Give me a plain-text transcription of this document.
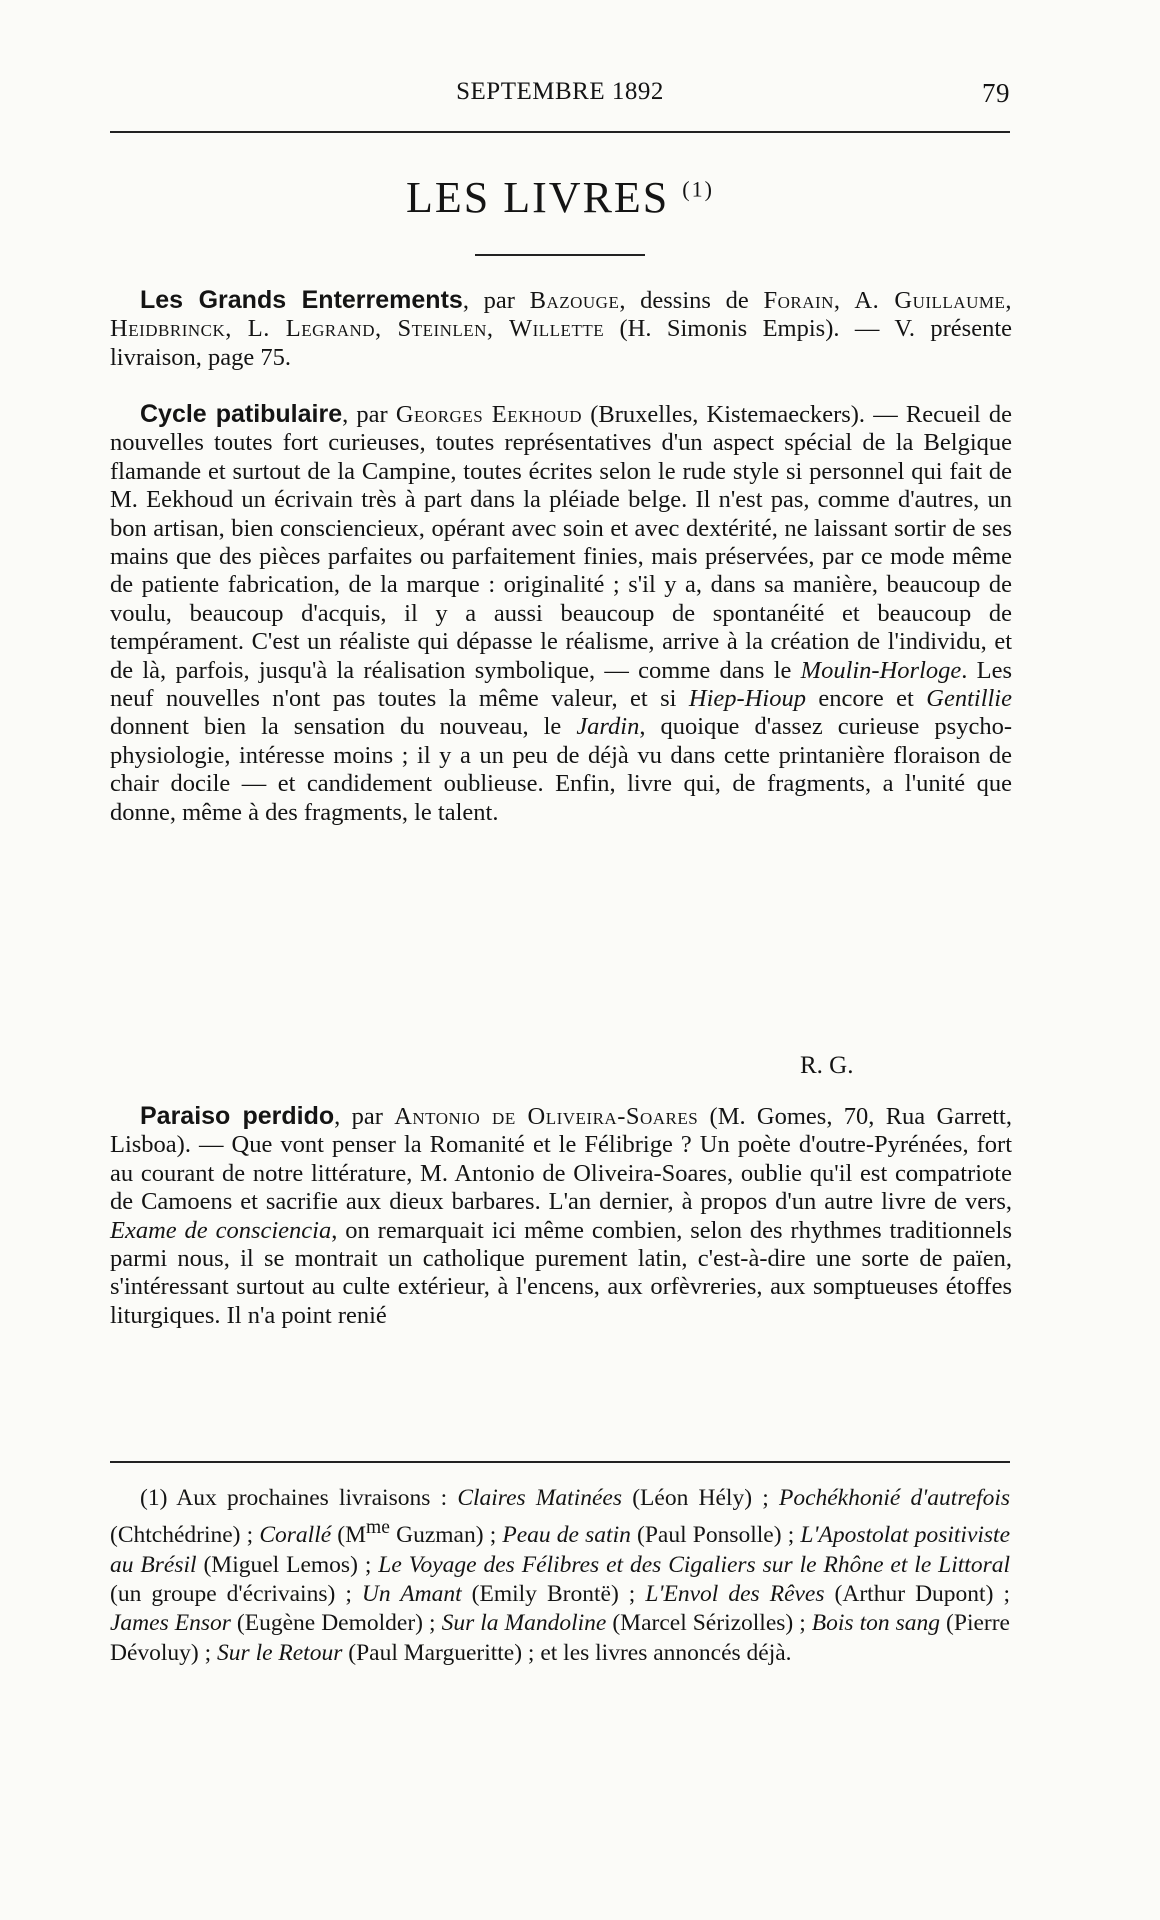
SEPTEMBRE 1892	79
LES LIVRES $^{(1)}$

Les Grands Enterrements, par Bazouge, dessins de Forain, A. Guillaume, Heidbrinck, L. Legrand, Steinlen, Willette (H. Simonis Empis). — V. présente livraison, page 75.

Cycle patibulaire, par Georges Eekhoud (Bruxelles, Kistemaeckers). — Recueil de nouvelles toutes fort curieuses, toutes représentatives d'un aspect spécial de la Belgique flamande et surtout de la Campine, toutes écrites selon le rude style si personnel qui fait de M. Eekhoud un écrivain très à part dans la pléiade belge. Il n'est pas, comme d'autres, un bon artisan, bien consciencieux, opérant avec soin et avec dextérité, ne laissant sortir de ses mains que des pièces parfaites ou parfaitement finies, mais préservées, par ce mode même de patiente fabrication, de la marque : originalité ; s'il y a, dans sa manière, beaucoup de voulu, beaucoup d'acquis, il y a aussi beaucoup de spontanéité et beaucoup de tempérament. C'est un réaliste qui dépasse le réalisme, arrive à la création de l'individu, et de là, parfois, jusqu'à la réalisation symbolique, — comme dans le Moulin-Horloge. Les neuf nouvelles n'ont pas toutes la même valeur, et si Hiep-Hioup encore et Gentillie donnent bien la sensation du nouveau, le Jardin, quoique d'assez curieuse psycho-physiologie, intéresse moins ; il y a un peu de déjà vu dans cette printanière floraison de chair docile — et candidement oublieuse. Enfin, livre qui, de fragments, a l'unité que donne, même à des fragments, le talent.

R. G.

Paraiso perdido, par Antonio de Oliveira-Soares (M. Gomes, 70, Rua Garrett, Lisboa). — Que vont penser la Romanité et le Félibrige ? Un poète d'outre-Pyrénées, fort au courant de notre littérature, M. Antonio de Oliveira-Soares, oublie qu'il est compatriote de Camoens et sacrifie aux dieux barbares. L'an dernier, à propos d'un autre livre de vers, Exame de consciencia, on remarquait ici même combien, selon des rhythmes traditionnels parmi nous, il se montrait un catholique purement latin, c'est-à-dire une sorte de païen, s'intéressant surtout au culte extérieur, à l'encens, aux orfèvreries, aux somptueuses étoffes liturgiques. Il n'a point renié

(1) Aux prochaines livraisons : Claires Matinées (Léon Hély) ; Pochékhonié d'autrefois (Chtchédrine) ; Corallé ($M^{me}$ Guzman) ; Peau de satin (Paul Ponsolle) ; L'Apostolat positiviste au Brésil (Miguel Lemos) ; Le Voyage des Félibres et des Cigaliers sur le Rhône et le Littoral (un groupe d'écrivains) ; Un Amant (Emily Brontë) ; L'Envol des Rêves (Arthur Dupont) ; James Ensor (Eugène Demolder) ; Sur la Mandoline (Marcel Sérizolles) ; Bois ton sang (Pierre Dévoluy) ; Sur le Retour (Paul Margueritte) ; et les livres annoncés déjà.
